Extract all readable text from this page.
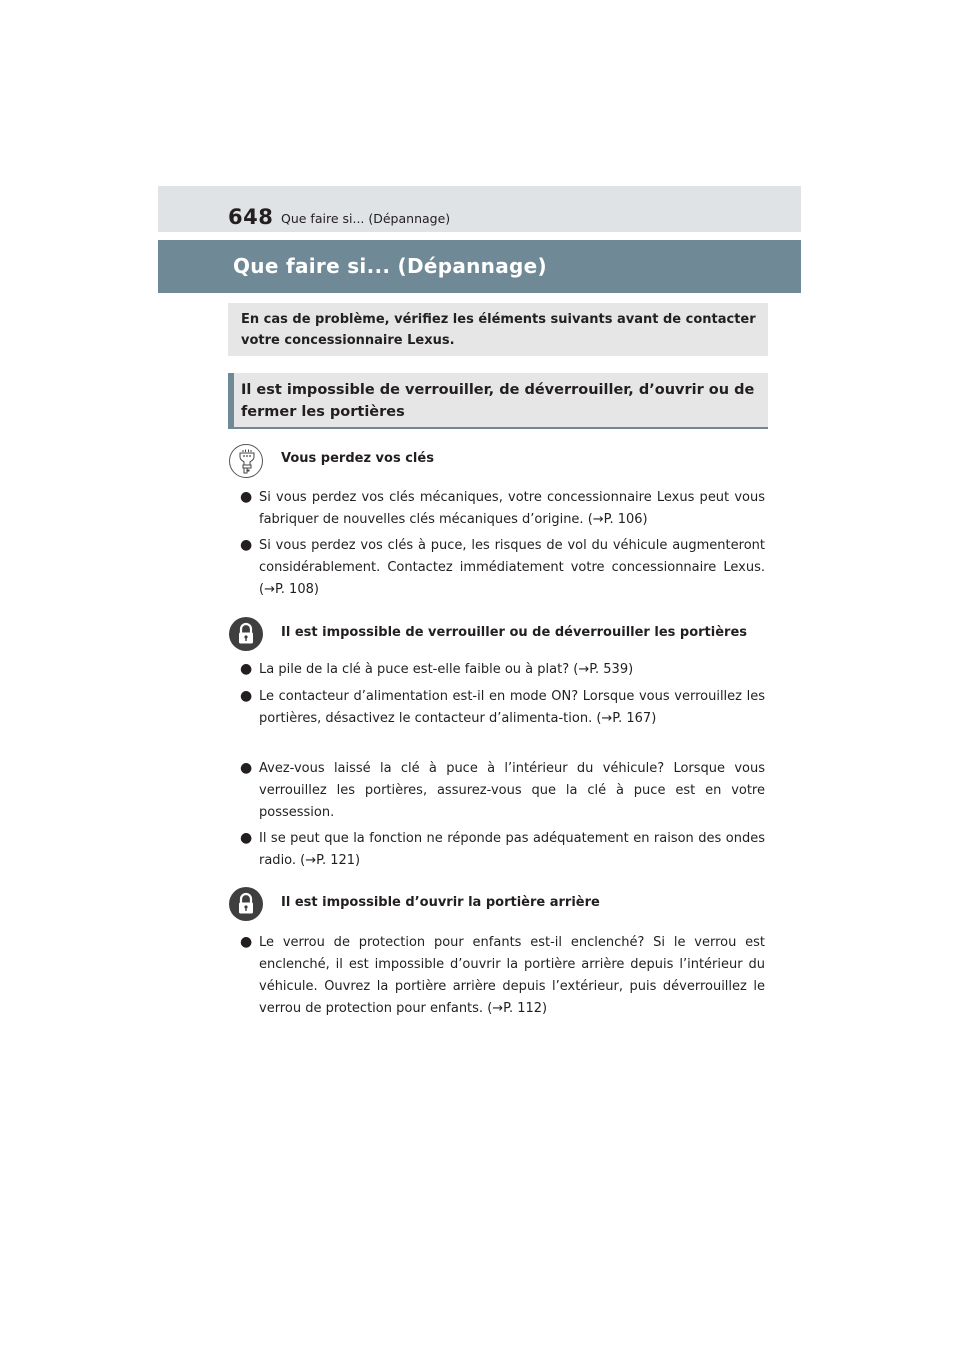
648 Que faire si... (Dépannage)
Que faire si... (Dépannage)
En cas de problème, vérifiez les éléments suivants avant de contacter votre concessionnaire Lexus.
Il est impossible de verrouiller, de déverrouiller, d’ouvrir ou de fermer les portières
Vous perdez vos clés
● Si vous perdez vos clés mécaniques, votre concessionnaire Lexus peut vous fabriquer de nouvelles clés mécaniques d’origine. (→P. 106)
● Si vous perdez vos clés à puce, les risques de vol du véhicule augmenteront considérablement. Contactez immédiatement votre concessionnaire Lexus. (→P. 108)
Il est impossible de verrouiller ou de déverrouiller les portières
● La pile de la clé à puce est-elle faible ou à plat? (→P. 539)
● Le contacteur d’alimentation est-il en mode ON? Lorsque vous verrouillez les portières, désactivez le contacteur d’alimenta-tion. (→P. 167)
● Avez-vous laissé la clé à puce à l’intérieur du véhicule? Lorsque vous verrouillez les portières, assurez-vous que la clé à puce est en votre possession.
● Il se peut que la fonction ne réponde pas adéquatement en raison des ondes radio. (→P. 121)
Il est impossible d’ouvrir la portière arrière
● Le verrou de protection pour enfants est-il enclenché? Si le verrou est enclenché, il est impossible d’ouvrir la portière arrière depuis l’intérieur du véhicule. Ouvrez la portière arrière depuis l’extérieur, puis déverrouillez le verrou de protection pour enfants. (→P. 112)
